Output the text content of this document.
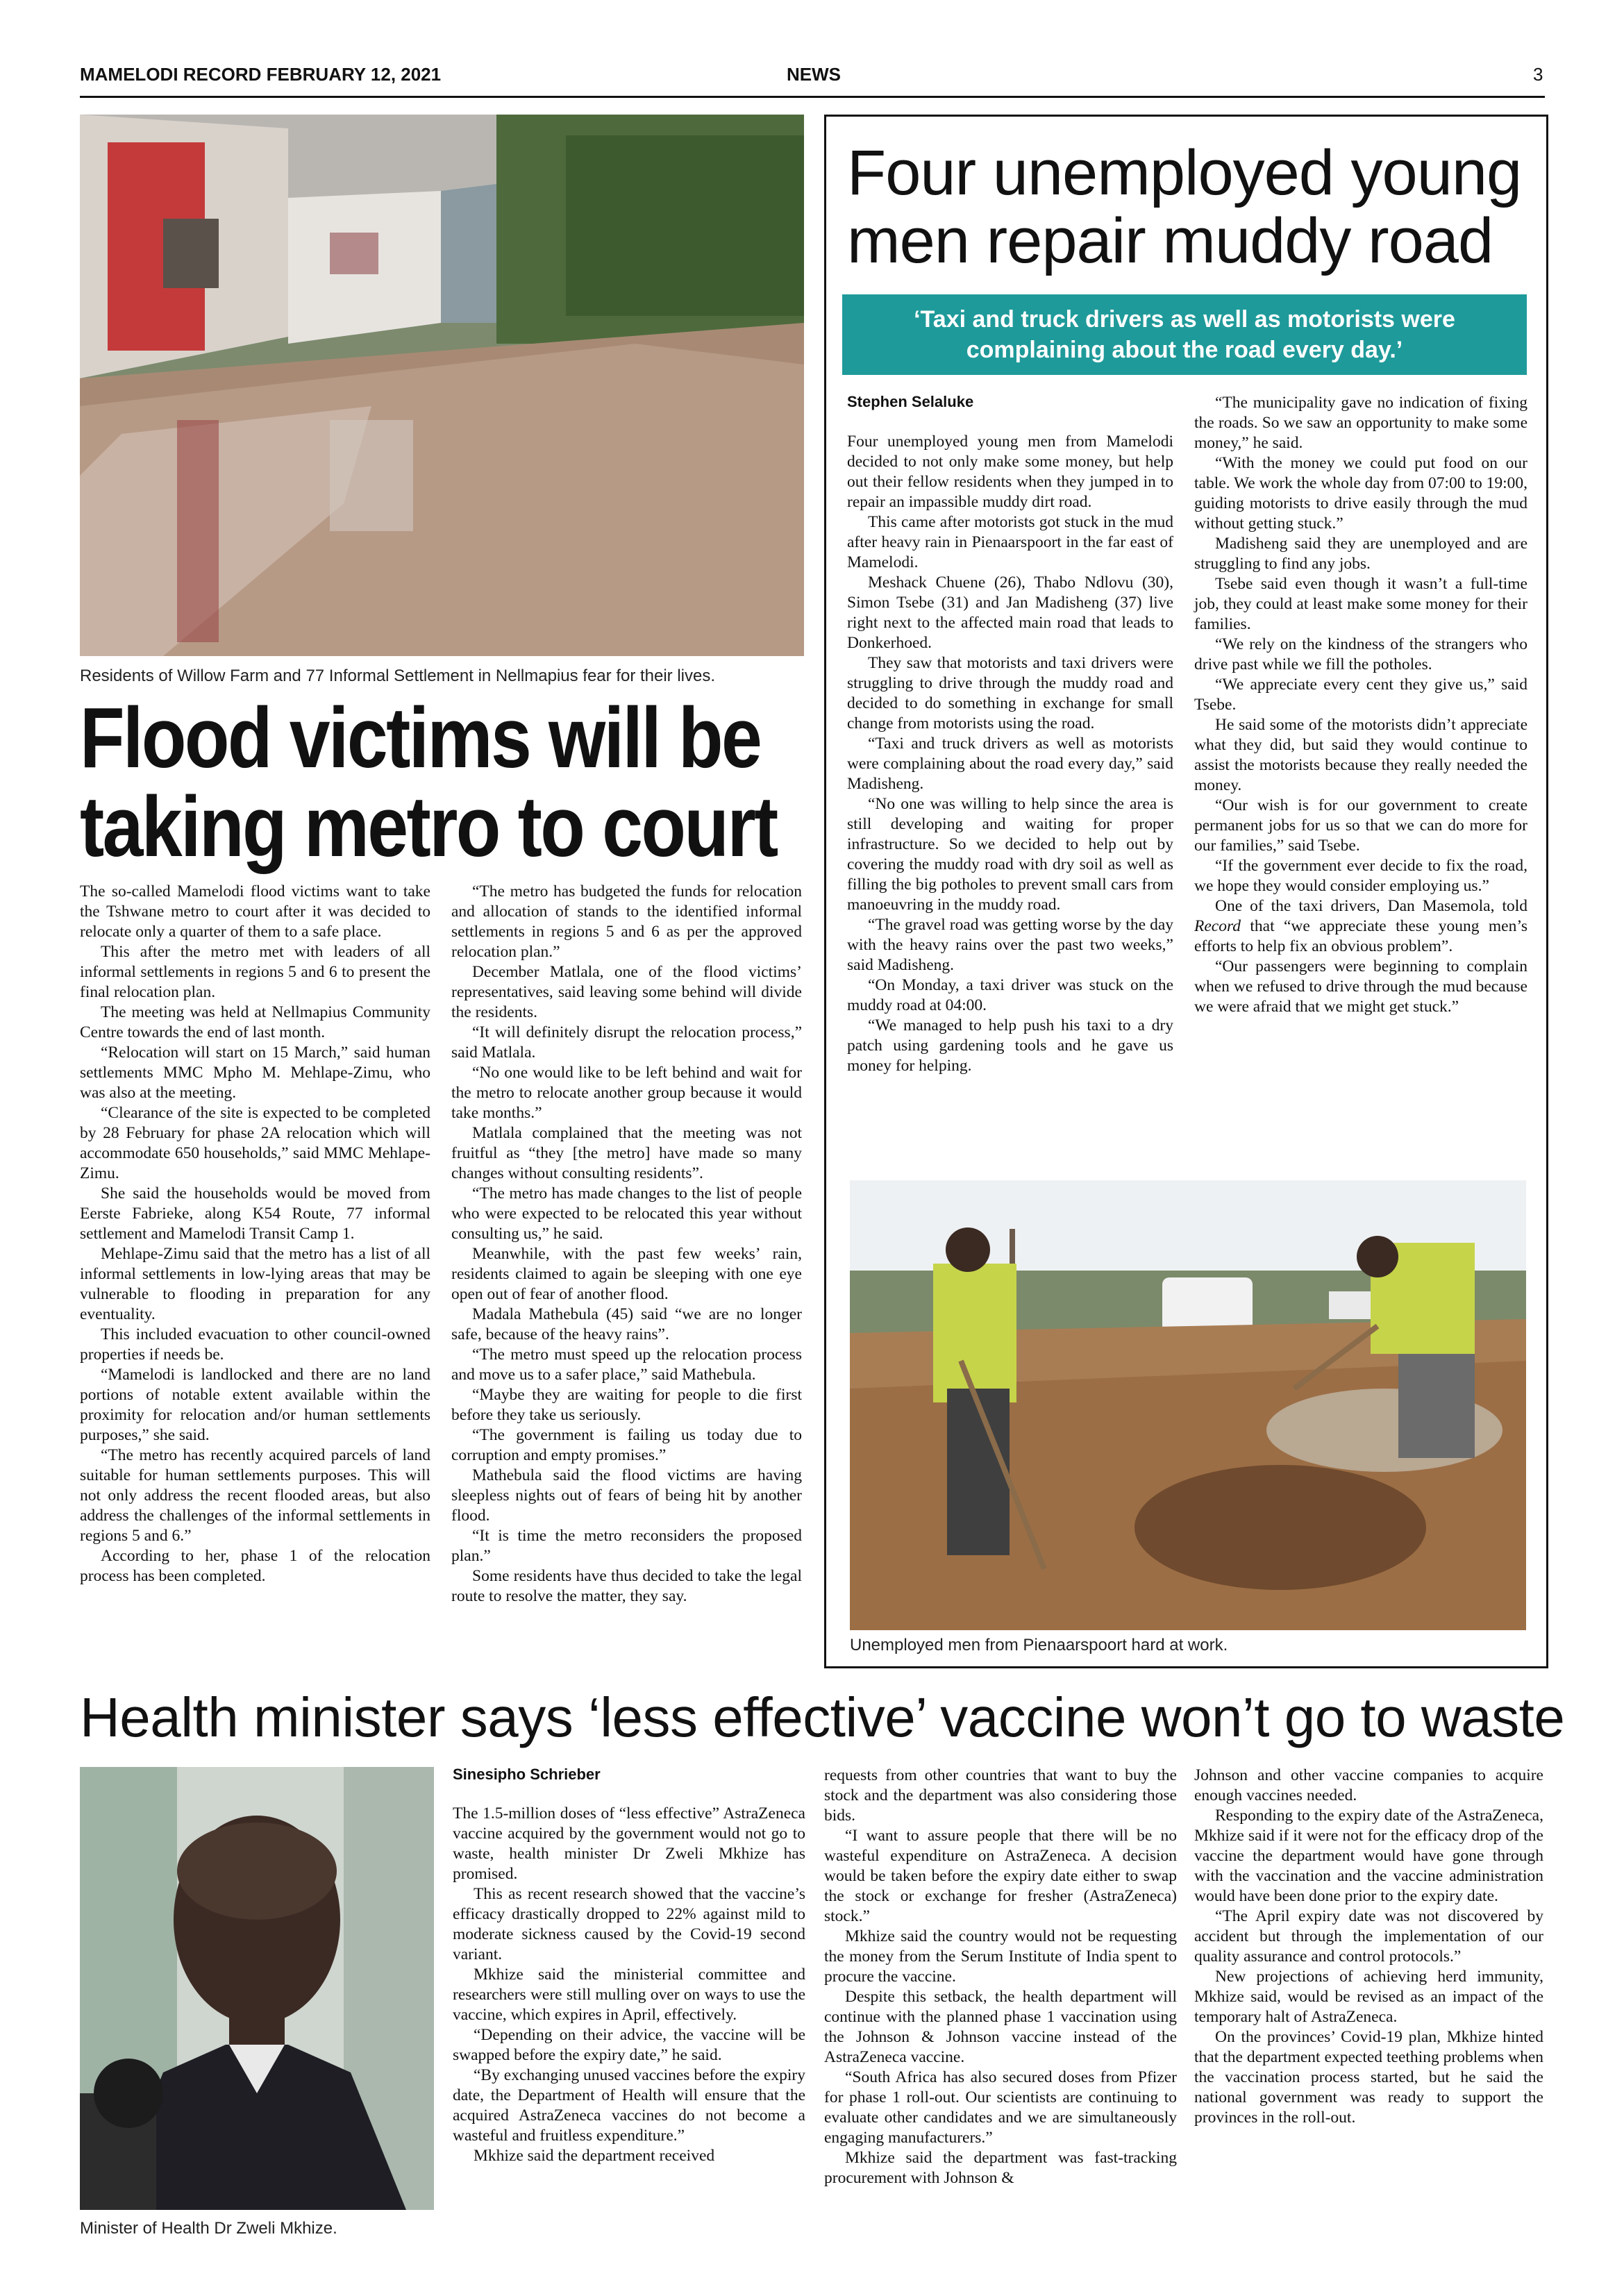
MAMELODI RECORD FEBRUARY 12, 2021	NEWS	3
Residents of Willow Farm and 77 Informal Settlement in Nellmapius fear for their lives.
Flood victims will be
taking metro to court

The so-called Mamelodi flood victims want to take the Tshwane metro to court after it was decided to relocate only a quarter of them to a safe place.

This after the metro met with leaders of all informal settlements in regions 5 and 6 to present the final relocation plan.

The meeting was held at Nellmapius Community Centre towards the end of last month.

“Relocation will start on 15 March,” said human settlements MMC Mpho M. Mehlape-Zimu, who was also at the meeting.

“Clearance of the site is expected to be completed by 28 February for phase 2A relocation which will accommodate 650 households,” said MMC Mehlape-Zimu.

She said the households would be moved from Eerste Fabrieke, along K54 Route, 77 informal settlement and Mamelodi Transit Camp 1.

Mehlape-Zimu said that the metro has a list of all informal settlements in low-lying areas that may be vulnerable to flooding in preparation for any eventuality.

This included evacuation to other council-owned properties if needs be.

“Mamelodi is landlocked and there are no land portions of notable extent available within the proximity for relocation and/or human settlements purposes,” she said.

“The metro has recently acquired parcels of land suitable for human settlements purposes. This will not only address the recent flooded areas, but also address the challenges of the informal settlements in regions 5 and 6.”

According to her, phase 1 of the relocation process has been completed.

“The metro has budgeted the funds for relocation and allocation of stands to the identified informal settlements in regions 5 and 6 as per the approved relocation plan.”

December Matlala, one of the flood victims’ representatives, said leaving some behind will divide the residents.

“It will definitely disrupt the relocation process,” said Matlala.

“No one would like to be left behind and wait for the metro to relocate another group because it would take months.”

Matlala complained that the meeting was not fruitful as “they [the metro] have made so many changes without consulting residents”.

“The metro has made changes to the list of people who were expected to be relocated this year without consulting us,” he said.

Meanwhile, with the past few weeks’ rain, residents claimed to again be sleeping with one eye open out of fear of another flood.

Madala Mathebula (45) said “we are no longer safe, because of the heavy rains”.

“The metro must speed up the relocation process and move us to a safer place,” said Mathebula.

“Maybe they are waiting for people to die first before they take us seriously.

“The government is failing us today due to corruption and empty promises.”

Mathebula said the flood victims are having sleepless nights out of fears of being hit by another flood.

“It is time the metro reconsiders the proposed plan.”

Some residents have thus decided to take the legal route to resolve the matter, they say.

Four unemployed young
men repair muddy road
‘Taxi and truck drivers as well as motorists were
complaining about the road every day.’
Stephen Selaluke

Four unemployed young men from Mamelodi decided to not only make some money, but help out their fellow residents when they jumped in to repair an impassible muddy dirt road.

This came after motorists got stuck in the mud after heavy rain in Pienaarspoort in the far east of Mamelodi.

Meshack Chuene (26), Thabo Ndlovu (30), Simon Tsebe (31) and Jan Madisheng (37) live right next to the affected main road that leads to Donkerhoed.

They saw that motorists and taxi drivers were struggling to drive through the muddy road and decided to do something in exchange for small change from motorists using the road.

“Taxi and truck drivers as well as motorists were complaining about the road every day,” said Madisheng.

“No one was willing to help since the area is still developing and waiting for proper infrastructure. So we decided to help out by covering the muddy road with dry soil as well as filling the big potholes to prevent small cars from manoeuvring in the muddy road.

“The gravel road was getting worse by the day with the heavy rains over the past two weeks,” said Madisheng.

“On Monday, a taxi driver was stuck on the muddy road at 04:00.

“We managed to help push his taxi to a dry patch using gardening tools and he gave us money for helping.

“The municipality gave no indication of fixing the roads. So we saw an opportunity to make some money,” he said.

“With the money we could put food on our table. We work the whole day from 07:00 to 19:00, guiding motorists to drive easily through the mud without getting stuck.”

Madisheng said they are unemployed and are struggling to find any jobs.

Tsebe said even though it wasn’t a full-time job, they could at least make some money for their families.

“We rely on the kindness of the strangers who drive past while we fill the potholes.

“We appreciate every cent they give us,” said Tsebe.

He said some of the motorists didn’t appreciate what they did, but said they would continue to assist the motorists because they really needed the money.

“Our wish is for our government to create permanent jobs for us so that we can do more for our families,” said Tsebe.

“If the government ever decide to fix the road, we hope they would consider employing us.”

One of the taxi drivers, Dan Masemola, told Record that “we appreciate these young men’s efforts to help fix an obvious problem”.

“Our passengers were beginning to complain when we refused to drive through the mud because we were afraid that we might get stuck.”

Unemployed men from Pienaarspoort hard at work.
Health minister says ‘less effective’ vaccine won’t go to waste
Minister of Health Dr Zweli Mkhize.
Sinesipho Schrieber

The 1.5-million doses of “less effective” AstraZeneca vaccine acquired by the government would not go to waste, health minister Dr Zweli Mkhize has promised.

This as recent research showed that the vaccine’s efficacy drastically dropped to 22% against mild to moderate sickness caused by the Covid-19 second variant.

Mkhize said the ministerial committee and researchers were still mulling over on ways to use the vaccine, which expires in April, effectively.

“Depending on their advice, the vaccine will be swapped before the expiry date,” he said.

“By exchanging unused vaccines before the expiry date, the Department of Health will ensure that the acquired AstraZeneca vaccines do not become a wasteful and fruitless expenditure.”

Mkhize said the department received

requests from other countries that want to buy the stock and the department was also considering those bids.

“I want to assure people that there will be no wasteful expenditure on AstraZeneca. A decision would be taken before the expiry date either to swap the stock or exchange for fresher (AstraZeneca) stock.”

Mkhize said the country would not be requesting the money from the Serum Institute of India spent to procure the vaccine.

Despite this setback, the health department will continue with the planned phase 1 vaccination using the Johnson & Johnson vaccine instead of the AstraZeneca vaccine.

“South Africa has also secured doses from Pfizer for phase 1 roll-out. Our scientists are continuing to evaluate other candidates and we are simultaneously engaging manufacturers.”

Mkhize said the department was fast-tracking procurement with Johnson &

Johnson and other vaccine companies to acquire enough vaccines needed.

Responding to the expiry date of the AstraZeneca, Mkhize said if it were not for the efficacy drop of the vaccine the department would have gone through with the vaccination and the vaccine administration would have been done prior to the expiry date.

“The April expiry date was not discovered by accident but through the implementation of our quality assurance and control protocols.”

New projections of achieving herd immunity, Mkhize said, would be revised as an impact of the temporary halt of AstraZeneca.

On the provinces’ Covid-19 plan, Mkhize hinted that the department expected teething problems when the vaccination process started, but he said the national government was ready to support the provinces in the roll-out.
